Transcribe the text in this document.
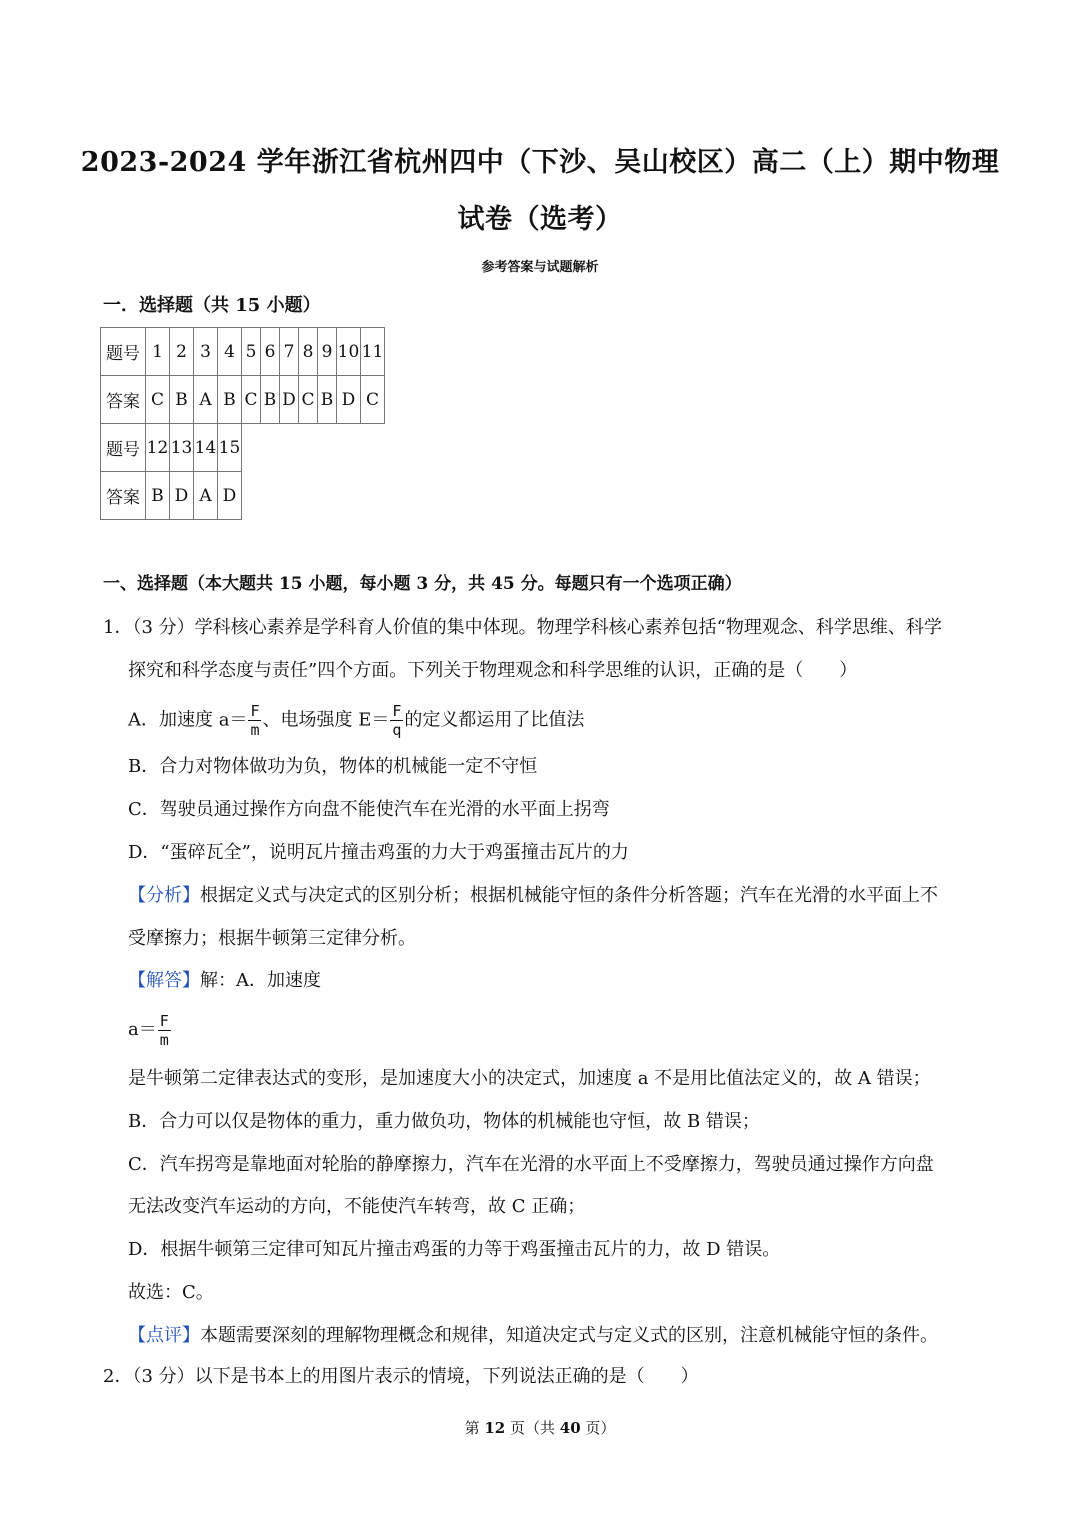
2023-2024 学年浙江省杭州四中（下沙、吴山校区）高二（上）期中物理
试卷（选考）
参考答案与试题解析
一．选择题（共 15 小题）
题号	1	2	3	4	5	6	7	8	9	10	11
答案	C	B	A	B	C	B	D	C	B	D	C
题号	12	13	14	15
答案	B	D	A	D
一、选择题（本大题共 15 小题，每小题 3 分，共 45 分。每题只有一个选项正确）
1．（3 分）学科核心素养是学科育人价值的集中体现。物理学科核心素养包括“物理观念、科学思维、科学
探究和科学态度与责任”四个方面。下列关于物理观念和科学思维的认识，正确的是（　　）
A．加速度 $a= \frac{F}{m}$ 、电场强度 $E= \frac{F}{q}$ 的定义都运用了比值法
B．合力对物体做功为负，物体的机械能一定不守恒
C．驾驶员通过操作方向盘不能使汽车在光滑的水平面上拐弯
D．“蛋碎瓦全”，说明瓦片撞击鸡蛋的力大于鸡蛋撞击瓦片的力
【分析】根据定义式与决定式的区别分析；根据机械能守恒的条件分析答题；汽车在光滑的水平面上不
受摩擦力；根据牛顿第三定律分析。
【解答】解：A．加速度
$a= \frac{F}{m}$
是牛顿第二定律表达式的变形，是加速度大小的决定式，加速度 a 不是用比值法定义的，故 A 错误；
B．合力可以仅是物体的重力，重力做负功，物体的机械能也守恒，故 B 错误；
C．汽车拐弯是靠地面对轮胎的静摩擦力，汽车在光滑的水平面上不受摩擦力，驾驶员通过操作方向盘
无法改变汽车运动的方向，不能使汽车转弯，故 C 正确；
D．根据牛顿第三定律可知瓦片撞击鸡蛋的力等于鸡蛋撞击瓦片的力，故 D 错误。
故选：C。
【点评】本题需要深刻的理解物理概念和规律，知道决定式与定义式的区别，注意机械能守恒的条件。
2．（3 分）以下是书本上的用图片表示的情境，下列说法正确的是（　　）
第 12 页（共 40 页）
